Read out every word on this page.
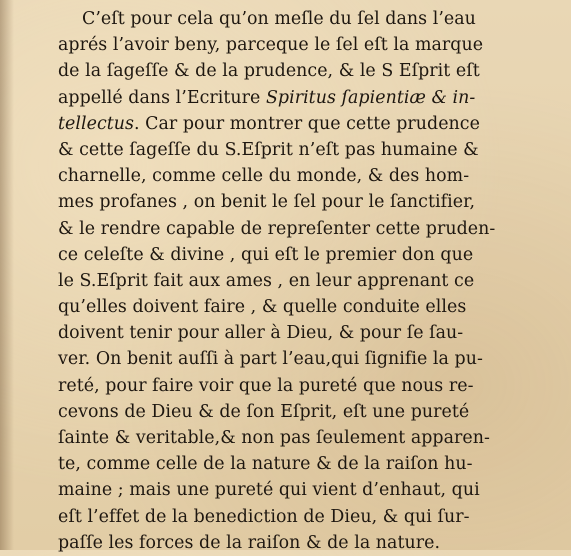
C’eſt pour cela qu’on meſle du ſel dans l’eau
aprés l’avoir beny, parceque le ſel eſt la marque
de la ſageſſe & de la prudence, & le S Eſprit eſt
appellé dans l’Ecriture Spiritus ſapientiæ & in-
tellectus. Car pour montrer que cette prudence
& cette ſageſſe du S.Eſprit n’eſt pas humaine &
charnelle, comme celle du monde, & des hom-
mes profanes , on benit le ſel pour le ſanctifier,
& le rendre capable de repreſenter cette pruden-
ce celeſte & divine , qui eſt le premier don que
le S.Eſprit fait aux ames , en leur apprenant ce
qu’elles doivent faire , & quelle conduite elles
doivent tenir pour aller à Dieu, & pour ſe ſau-
ver. On benit auſſi à part l’eau,qui ſignifie la pu-
reté, pour faire voir que la pureté que nous re-
cevons de Dieu & de ſon Eſprit, eſt une pureté
ſainte & veritable,& non pas ſeulement apparen-
te, comme celle de la nature & de la raiſon hu-
maine ; mais une pureté qui vient d’enhaut, qui
eſt l’effet de la benediction de Dieu, & qui ſur-
paſſe les forces de la raiſon & de la nature.
